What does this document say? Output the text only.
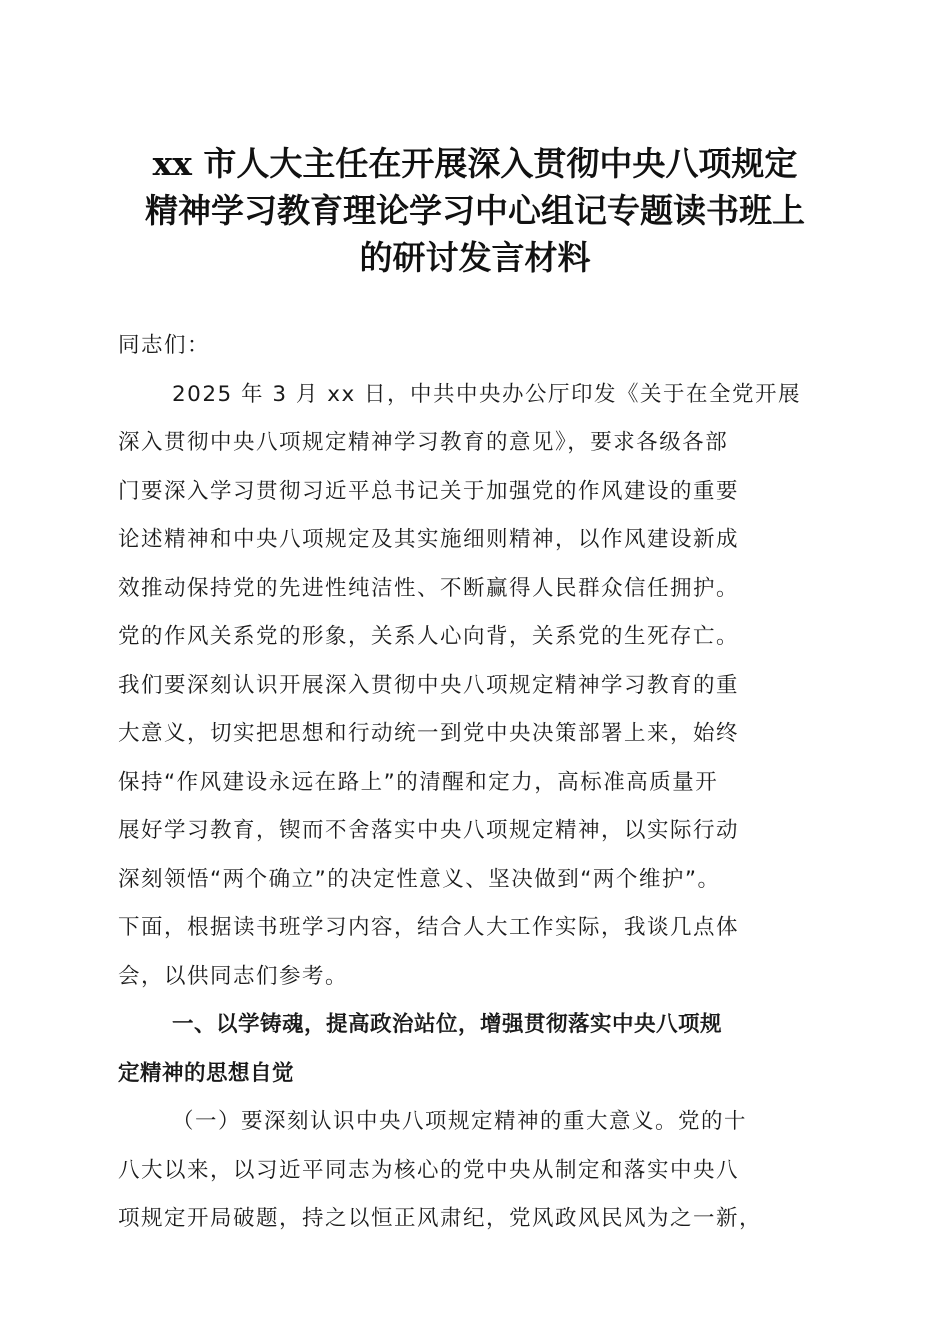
xx 市人大主任在开展深入贯彻中央八项规定
精神学习教育理论学习中心组记专题读书班上
的研讨发言材料
同志们：
2025 年 3 月 xx 日，中共中央办公厅印发《关于在全党开展
深入贯彻中央八项规定精神学习教育的意见》，要求各级各部
门要深入学习贯彻习近平总书记关于加强党的作风建设的重要
论述精神和中央八项规定及其实施细则精神，以作风建设新成
效推动保持党的先进性纯洁性、不断赢得人民群众信任拥护。
党的作风关系党的形象，关系人心向背，关系党的生死存亡。
我们要深刻认识开展深入贯彻中央八项规定精神学习教育的重
大意义，切实把思想和行动统一到党中央决策部署上来，始终
保持“作风建设永远在路上”的清醒和定力，高标准高质量开
展好学习教育，锲而不舍落实中央八项规定精神，以实际行动
深刻领悟“两个确立”的决定性意义、坚决做到“两个维护”。
下面，根据读书班学习内容，结合人大工作实际，我谈几点体
会，以供同志们参考。
一、以学铸魂，提高政治站位，增强贯彻落实中央八项规
定精神的思想自觉
（一）要深刻认识中央八项规定精神的重大意义。党的十
八大以来，以习近平同志为核心的党中央从制定和落实中央八
项规定开局破题，持之以恒正风肃纪，党风政风民风为之一新，
